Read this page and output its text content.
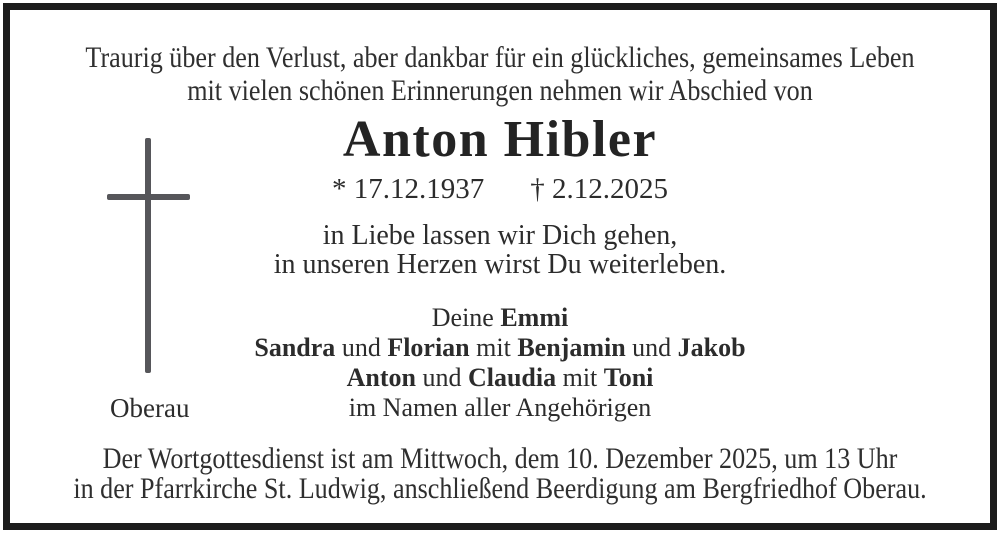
Traurig über den Verlust, aber dankbar für ein glückliches, gemeinsames Leben
mit vielen schönen Erinnerungen nehmen wir Abschied von
Anton Hibler
* 17.12.1937 † 2.12.2025
in Liebe lassen wir Dich gehen,
in unseren Herzen wirst Du weiterleben.
Deine Emmi
Sandra und Florian mit Benjamin und Jakob
Anton und Claudia mit Toni
im Namen aller Angehörigen
Oberau
Der Wortgottesdienst ist am Mittwoch, dem 10. Dezember 2025, um 13 Uhr
in der Pfarrkirche St. Ludwig, anschließend Beerdigung am Bergfriedhof Oberau.
